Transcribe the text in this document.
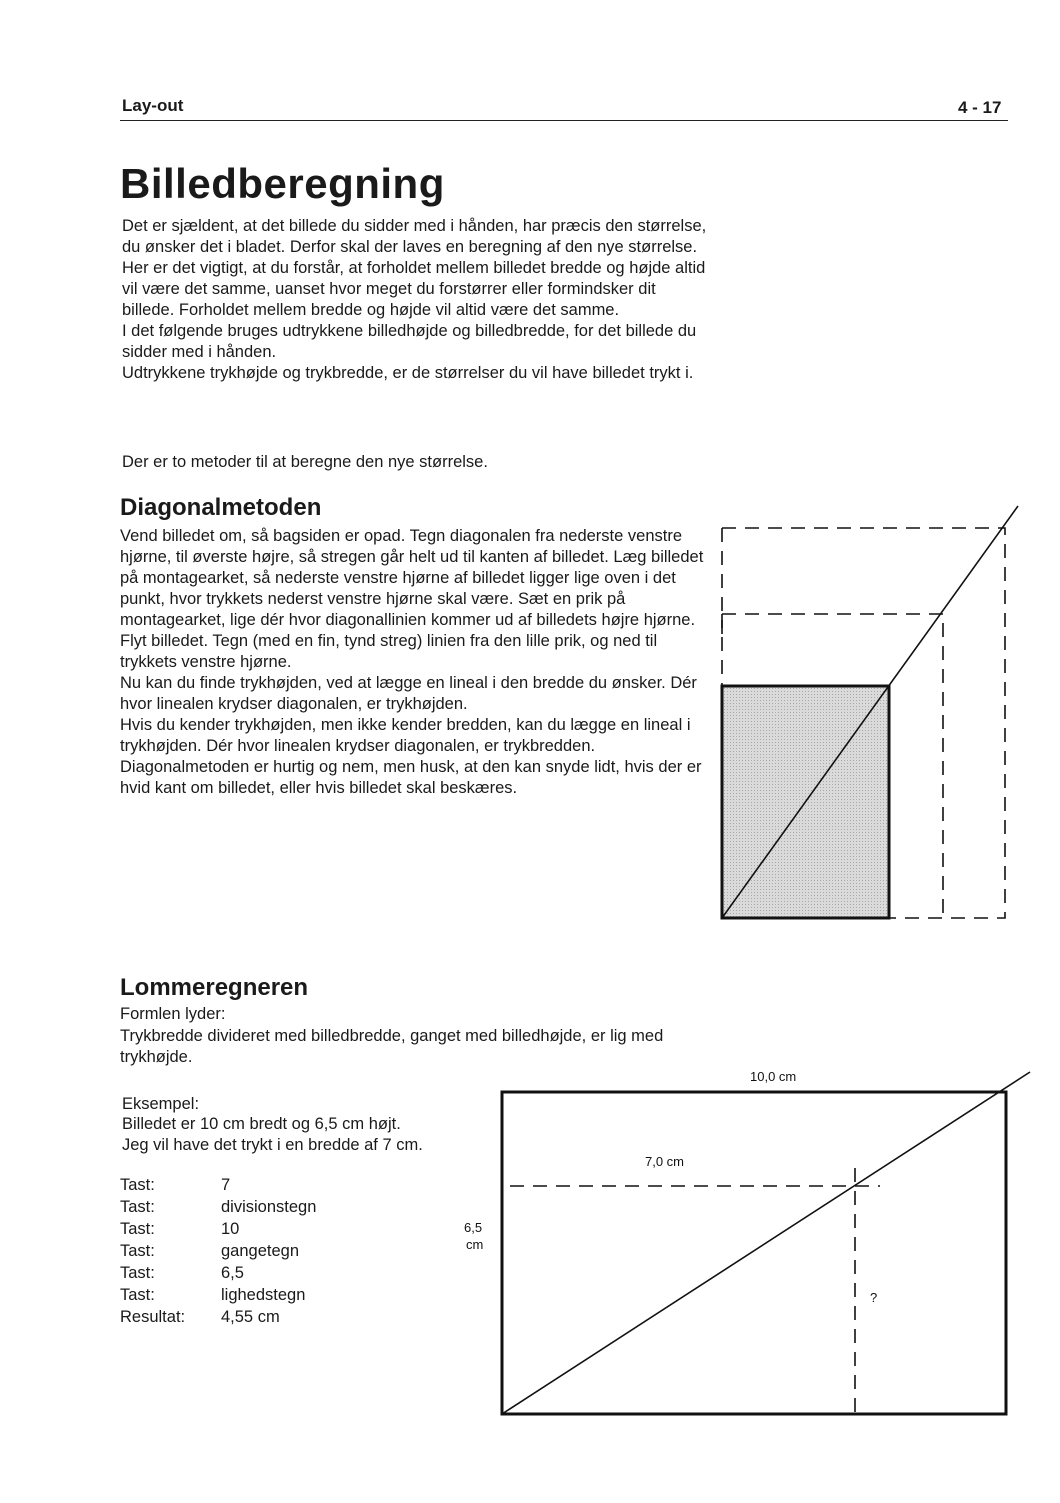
Lay-out	4 - 17
Billedberegning

Det er sjældent, at det billede du sidder med i hånden, har præcis den størrelse, du ønsker det i bladet. Derfor skal der laves en beregning af den nye størrelse.

Her er det vigtigt, at du forstår, at forholdet mellem billedet bredde og højde altid vil være det samme, uanset hvor meget du forstørrer eller formindsker dit billede. Forholdet mellem bredde og højde vil altid være det samme.

I det følgende bruges udtrykkene billedhøjde og billedbredde, for det billede du sidder med i hånden.

Udtrykkene trykhøjde og trykbredde, er de størrelser du vil have billedet trykt i.

Der er to metoder til at beregne den nye størrelse.
Diagonalmetoden

Vend billedet om, så bagsiden er opad. Tegn diagonalen fra nederste venstre hjørne, til øverste højre, så stregen går helt ud til kanten af billedet. Læg billedet på montagearket, så nederste venstre hjørne af billedet ligger lige oven i det punkt, hvor trykkets nederst venstre hjørne skal være. Sæt en prik på montagearket, lige dér hvor diagonallinien kommer ud af billedets højre hjørne. Flyt billedet. Tegn (med en fin, tynd streg) linien fra den lille prik, og ned til trykkets venstre hjørne.

Nu kan du finde trykhøjden, ved at lægge en lineal i den bredde du ønsker. Dér hvor linealen krydser diagonalen, er trykhøjden.

Hvis du kender trykhøjden, men ikke kender bredden, kan du lægge en lineal i trykhøjden. Dér hvor linealen krydser diagonalen, er trykbredden.

Diagonalmetoden er hurtig og nem, men husk, at den kan snyde lidt, hvis der er hvid kant om billedet, eller hvis billedet skal beskæres.

Lommeregneren
Formlen lyder:
Trykbredde divideret med billedbredde, ganget med billedhøjde, er lig med trykhøjde.
Eksempel:
Billedet er 10 cm bredt og 6,5 cm højt.
Jeg vil have det trykt i en bredde af 7 cm.
Tast:	7
Tast:	divisionstegn
Tast:	10
Tast:	gangetegn
Tast:	6,5
Tast:	lighedstegn
Resultat:	4,55 cm
10,0 cm
7,0 cm
6,5
cm
?
